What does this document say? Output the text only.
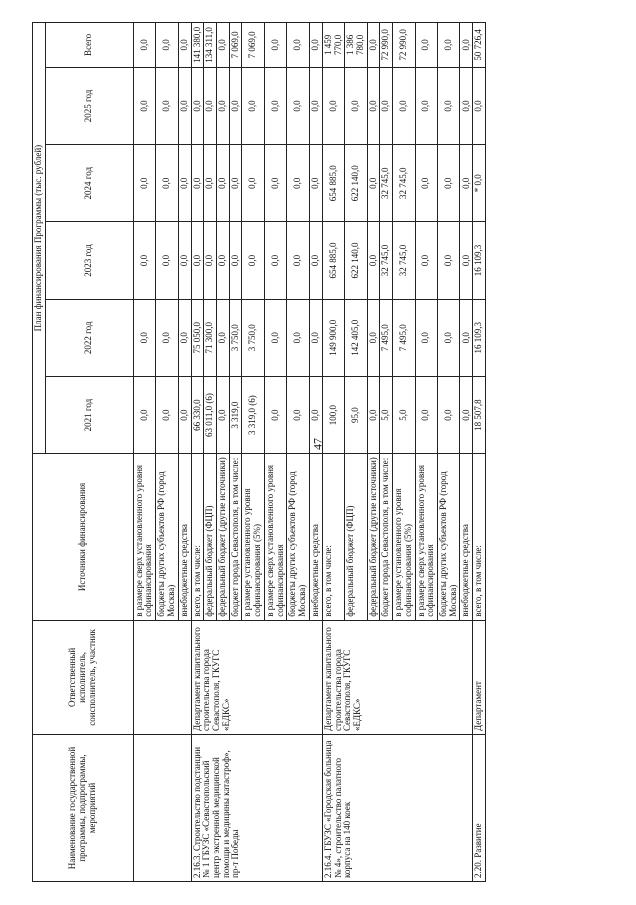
47
Наименование государственной программы, подпрограммы, мероприятий	Ответственный исполнитель, соисполнитель, участник	Источники финансирования	План финансирования Программы (тыс. рублей)					
			2021 год	2022 год	2023 год	2024 год	2025 год	Всего
		в размере сверх установленного уровня софинансирования	0,0	0,0	0,0	0,0	0,0	0,0
		бюджеты других субъектов РФ (город Москва)	0,0	0,0	0,0	0,0	0,0	0,0
		внебюджетные средства	0,0	0,0	0,0	0,0	0,0	0,0
2.16.3. Строительство подстанции № 1 ГБУЗС «Севастопольский центр экстренной медицинской помощи и медицины катастроф», пр-т Победы	Департамент капитального строительства города Севастополя, ГКУГС «ЕДКС»	всего, в том числе:	66 330,0	75 050,0	0,0	0,0	0,0	141 380,0
		федеральный бюджет (ФЦП)	63 011,0 (6)	71 300,0	0,0	0,0	0,0	134 311,0
		федеральный бюджет (другие источники)	0,0	0,0	0,0	0,0	0,0	0,0
		бюджет города Севастополя, в том числе:	3 319,0	3 750,0	0,0	0,0	0,0	7 069,0
		в размере установленного уровня софинансирования (5%)	3 319,0 (6)	3 750,0	0,0	0,0	0,0	7 069,0
		в размере сверх установленного уровня софинансирования	0,0	0,0	0,0	0,0	0,0	0,0
		бюджеты других субъектов РФ (город Москва)	0,0	0,0	0,0	0,0	0,0	0,0
		внебюджетные средства	0,0	0,0	0,0	0,0	0,0	0,0
2.16.4. ГБУЗС «Городская больница № 4», строительство палатного корпуса на 140 коек	Департамент капитального строительства города Севастополя, ГКУГС «ЕДКС»	всего, в том числе:	100,0	149 900,0	654 885,0	654 885,0	0,0	1 459 770,0
		федеральный бюджет (ФЦП)	95,0	142 405,0	622 140,0	622 140,0	0,0	1 386 780,0
		федеральный бюджет (другие источники)	0,0	0,0	0,0	0,0	0,0	0,0
		бюджет города Севастополя, в том числе:	5,0	7 495,0	32 745,0	32 745,0	0,0	72 990,0
		в размере установленного уровня софинансирования (5%)	5,0	7 495,0	32 745,0	32 745,0	0,0	72 990,0
		в размере сверх установленного уровня софинансирования	0,0	0,0	0,0	0,0	0,0	0,0
		бюджеты других субъектов РФ (город Москва)	0,0	0,0	0,0	0,0	0,0	0,0
		внебюджетные средства	0,0	0,0	0,0	0,0	0,0	0,0
2.20. Развитие	Департамент	всего, в том числе:	18 507,8	16 109,3	16 109,3	* 0,0	0,0	50 726,4
